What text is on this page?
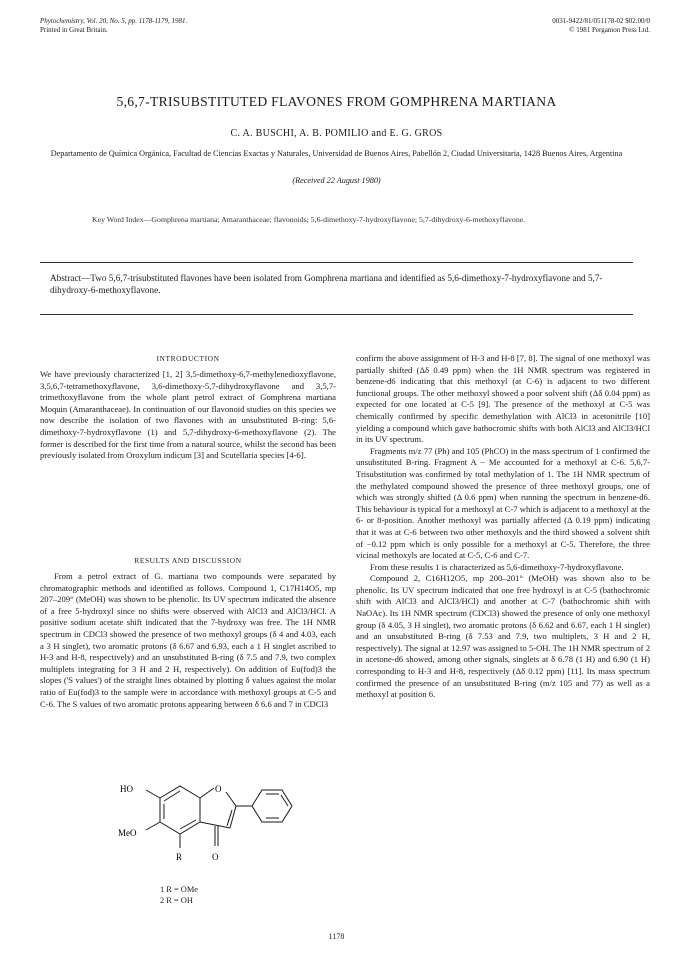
Phytochemistry, Vol. 20, No. 5, pp. 1178-1179, 1981.
Printed in Great Britain.
0031-9422/81/051178-02 $02.00/0
© 1981 Pergamon Press Ltd.
5,6,7-TRISUBSTITUTED FLAVONES FROM GOMPHRENA MARTIANA
C. A. BUSCHI, A. B. POMILIO and E. G. GROS
Departamento de Química Orgánica, Facultad de Ciencias Exactas y Naturales, Universidad de Buenos Aires, Pabellón 2, Ciudad Universitaria, 1428 Buenos Aires, Argentina
(Received 22 August 1980)
Key Word Index—Gomphrena martiana; Amaranthaceae; flavonoids; 5,6-dimethoxy-7-hydroxyflavone; 5,7-dihydroxy-6-methoxyflavone.
Abstract—Two 5,6,7-trisubstituted flavones have been isolated from Gomphrena martiana and identified as 5,6-dimethoxy-7-hydroxyflavone and 5,7-dihydroxy-6-methoxyflavone.
INTRODUCTION

We have previously characterized [1, 2] 3,5-dimethoxy-6,7-methylenedioxyflavone, 3,5,6,7-tetramethoxyflavone, 3,6-dimethoxy-5,7-dihydroxyflavone and 3,5,7-trimethoxyflavone from the whole plant petrol extract of Gomphrena martiana Moquin (Amaranthaceae). In continuation of our flavonoid studies on this species we now describe the isolation of two flavones with an unsubstituted B-ring: 5,6-dimethoxy-7-hydroxyflavone (1) and 5,7-dihydroxy-6-methoxyflavone (2). The former is described for the first time from a natural source, whilst the second has been previously isolated from Oroxylum indicum [3] and Scutellaria species [4-6].

RESULTS AND DISCUSSION

From a petrol extract of G. martiana two compounds were separated by chromatographic methods and identified as follows. Compound 1, C17H14O5, mp 207–209° (MeOH) was shown to be phenolic. Its UV spectrum indicated the absence of a free 5-hydroxyl since no shifts were observed with AlCl3 and AlCl3/HCl. A positive sodium acetate shift indicated that the 7-hydroxy was free. The 1H NMR spectrum in CDCl3 showed the presence of two methoxyl groups (δ 4 and 4.03, each a 3 H singlet), two aromatic protons (δ 6.67 and 6.93, each a 1 H singlet ascribed to H-3 and H-8, respectively) and an unsubstituted B-ring (δ 7.5 and 7.9, two complex multiplets integrating for 3 H and 2 H, respectively). On addition of Eu(fod)3 the slopes ('S values') of the straight lines obtained by plotting δ values against the molar ratio of Eu(fod)3 to the sample were in accordance with methoxyl groups at C-5 and C-6. The S values of two aromatic protons appearing between δ 6.6 and 7 in CDCl3

HO	O
MeO
R	O
1 R = OMe
2 R = OH

confirm the above assignment of H-3 and H-8 [7, 8]. The signal of one methoxyl was partially shifted (Δδ 0.49 ppm) when the 1H NMR spectrum was registered in benzene-d6 indicating that this methoxyl (at C-6) is adjacent to two different functional groups. The other methoxyl showed a poor solvent shift (Δδ 0.04 ppm) as expected for one located at C-5 [9]. The presence of the methoxyl at C-5 was chemically confirmed by specific demethylation with AlCl3 in acetonitrile [10] yielding a compound which gave bathocromic shifts with both AlCl3 and AlCl3/HCl in its UV spectrum.

Fragments m/z 77 (Ph) and 105 (PhCO) in the mass spectrum of 1 confirmed the unsubstituted B-ring. Fragment A − Me accounted for a methoxyl at C-6. 5,6,7-Trisubstitution was confirmed by total methylation of 1. The 1H NMR spectrum of the methylated compound showed the presence of three methoxyl groups, one of which was strongly shifted (Δ 0.6 ppm) when running the spectrum in benzene-d6. This behaviour is typical for a methoxyl at C-7 which is adjacent to a methoxyl at the 6- or 8-position. Another methoxyl was partially affected (Δ 0.19 ppm) indicating that it was at C-6 between two other methoxyls and the third showed a solvent shift of −0.12 ppm which is only possible for a methoxyl at C-5. Therefore, the three vicinal methoxyls are located at C-5, C-6 and C-7.

From these results 1 is characterized as 5,6-dimethoxy-7-hydroxyflavone.

Compound 2, C16H12O5, mp 200–201° (MeOH) was shown also to be phenolic. Its UV spectrum indicated that one free hydroxyl is at C-5 (bathochromic shift with AlCl3 and AlCl3/HCl) and another at C-7 (bathochromic shift with NaOAc). Its 1H NMR spectrum (CDCl3) showed the presence of only one methoxyl group (δ 4.05, 3 H singlet), two aromatic protons (δ 6.62 and 6.67, each 1 H singlet) and an unsubstituted B-ring (δ 7.53 and 7.9, two multiplets, 3 H and 2 H, respectively). The signal at 12.97 was assigned to 5-OH. The 1H NMR spectrum of 2 in acetone-d6 showed, among other signals, singlets at δ 6.78 (1 H) and 6.90 (1 H) corresponding to H-3 and H-8, respectively (Δδ 0.12 ppm) [11]. Its mass spectrum confirmed the presence of an unsubstituted B-ring (m/z 105 and 77) as well as a methoxyl at position 6.

1178
